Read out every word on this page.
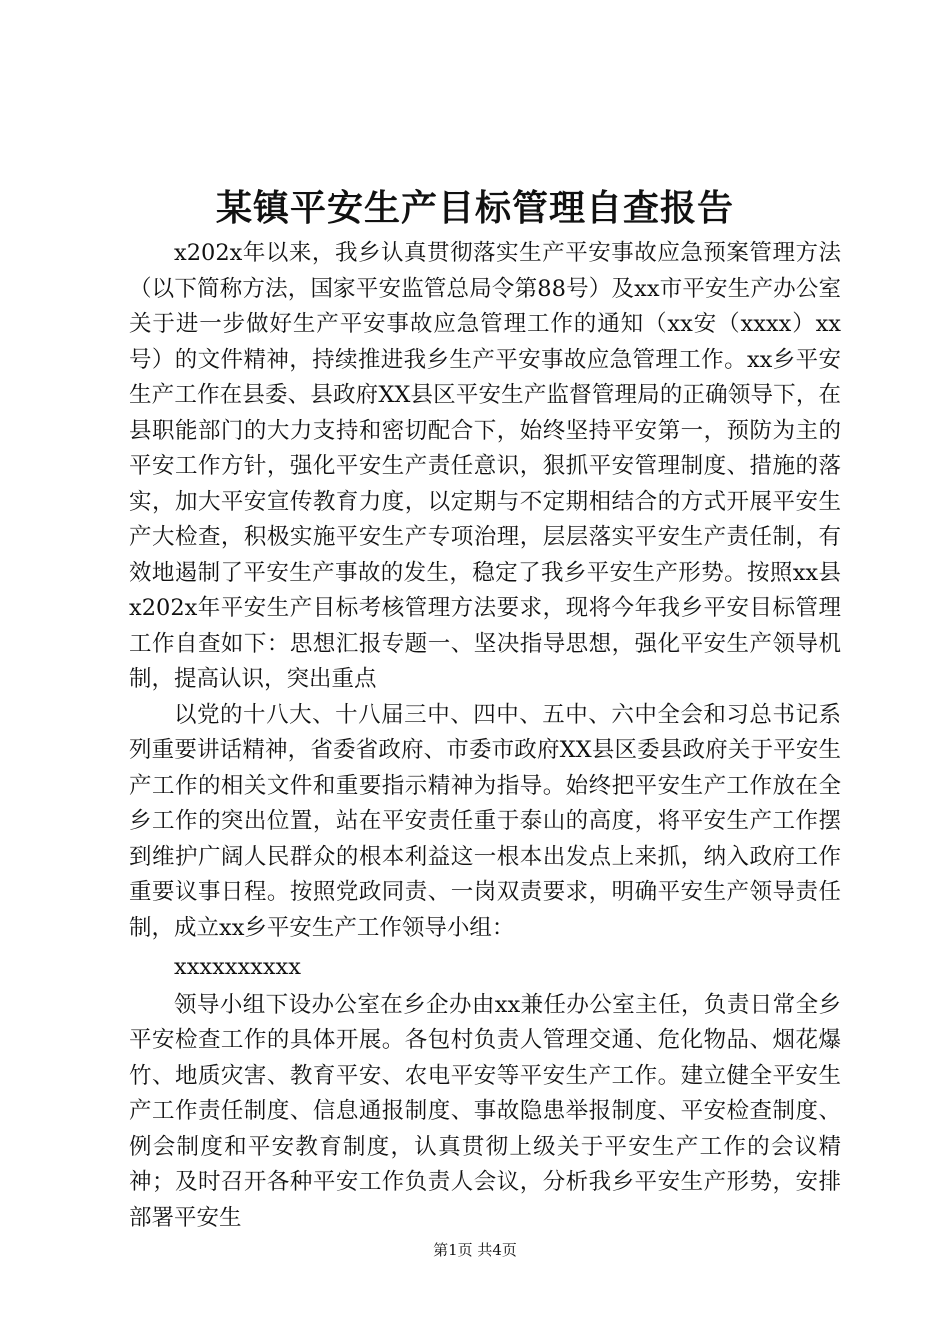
某镇平安生产目标管理自查报告

x202x年以来，我乡认真贯彻落实生产平安事故应急预案管理方法（以下简称方法，国家平安监管总局令第88号）及xx市平安生产办公室关于进一步做好生产平安事故应急管理工作的通知（xx安（xxxx）xx号）的文件精神，持续推进我乡生产平安事故应急管理工作。xx乡平安生产工作在县委、县政府XX县区平安生产监督管理局的正确领导下，在县职能部门的大力支持和密切配合下，始终坚持平安第一，预防为主的平安工作方针，强化平安生产责任意识，狠抓平安管理制度、措施的落实，加大平安宣传教育力度，以定期与不定期相结合的方式开展平安生产大检查，积极实施平安生产专项治理，层层落实平安生产责任制，有效地遏制了平安生产事故的发生，稳定了我乡平安生产形势。按照xx县x202x年平安生产目标考核管理方法要求，现将今年我乡平安目标管理工作自查如下：思想汇报专题一、坚决指导思想，强化平安生产领导机制，提高认识，突出重点

以党的十八大、十八届三中、四中、五中、六中全会和习总书记系列重要讲话精神，省委省政府、市委市政府XX县区委县政府关于平安生产工作的相关文件和重要指示精神为指导。始终把平安生产工作放在全乡工作的突出位置，站在平安责任重于泰山的高度，将平安生产工作摆到维护广阔人民群众的根本利益这一根本出发点上来抓，纳入政府工作重要议事日程。按照党政同责、一岗双责要求，明确平安生产领导责任制，成立xx乡平安生产工作领导小组：

xxxxxxxxxx

领导小组下设办公室在乡企办由xx兼任办公室主任，负责日常全乡平安检查工作的具体开展。各包村负责人管理交通、危化物品、烟花爆竹、地质灾害、教育平安、农电平安等平安生产工作。建立健全平安生产工作责任制度、信息通报制度、事故隐患举报制度、平安检查制度、例会制度和平安教育制度，认真贯彻上级关于平安生产工作的会议精神；及时召开各种平安工作负责人会议，分析我乡平安生产形势，安排部署平安生

第1页 共4页
